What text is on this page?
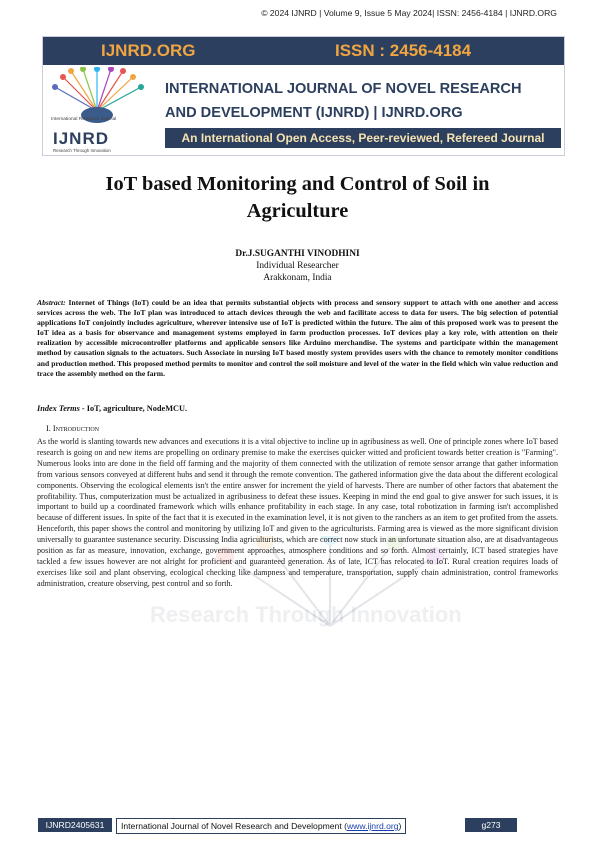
© 2024 IJNRD | Volume 9, Issue 5 May 2024| ISSN: 2456-4184 | IJNRD.ORG
IJNRD.ORG	ISSN : 2456-4184
International Research Journal
IJNRD
Research Through Innovation
INTERNATIONAL JOURNAL OF NOVEL RESEARCH
AND DEVELOPMENT (IJNRD) | IJNRD.ORG
An International Open Access, Peer-reviewed, Refereed Journal
IoT based Monitoring and Control of Soil in Agriculture
Dr.J.SUGANTHI VINODHINI
Individual Researcher
Arakkonam, India
Abstract: Internet of Things (IoT) could be an idea that permits substantial objects with process and sensory support to attach with one another and access services across the web. The IoT plan was introduced to attach devices through the web and facilitate access to data for users. The big selection of potential applications IoT conjointly includes agriculture, wherever intensive use of IoT is predicted within the future. The aim of this proposed work was to present the IoT idea as a basis for observance and management systems employed in farm production processes. IoT devices play a key role, with attention on their realization by accessible microcontroller platforms and applicable sensors like Arduino merchandise. The systems and participate within the management method by causation signals to the actuators. Such Associate in nursing IoT based mostly system provides users with the chance to remotely monitor conditions and production method. This proposed method permits to monitor and control the soil moisture and level of the water in the field which win value reduction and trace the assembly method on the farm.
Index Terms - IoT, agriculture, NodeMCU.
I. Introduction
Research Through Innovation
As the world is slanting towards new advances and executions it is a vital objective to incline up in agribusiness as well. One of principle zones where IoT based research is going on and new items are propelling on ordinary premise to make the exercises quicker witted and proficient towards better creation is "Farming". Numerous looks into are done in the field off farming and the majority of them connected with the utilization of remote sensor arrange that gather information from various sensors conveyed at different hubs and send it through the remote convention. The gathered information give the data about the different ecological components. Observing the ecological elements isn't the entire answer for increment the yield of harvests. There are number of other factors that abatement the profitability. Thus, computerization must be actualized in agribusiness to defeat these issues. Keeping in mind the end goal to give answer for such issues, it is important to build up a coordinated framework which wills enhance profitability in each stage. In any case, total robotization in farming isn't accomplished because of different issues. In spite of the fact that it is executed in the examination level, it is not given to the ranchers as an item to get profited from the assets. Henceforth, this paper shows the control and monitoring by utilizing IoT and given to the agriculturists. Farming area is viewed as the more significant division universally to guarantee sustenance security. Discussing India agriculturists, which are correct now stuck in an unfortunate situation also, are at disadvantageous position as far as measure, innovation, exchange, government approaches, atmosphere conditions and so forth. Almost certainly, ICT based strategies have tackled a few issues however are not alright for proficient and guaranteed generation. As of late, ICT has relocated to IoT. Rural creation requires loads of exercises like soil and plant observing, ecological checking like dampness and temperature, transportation, supply chain administration, control frameworks administration, creature observing, pest control and so forth.
IJNRD2405631	International Journal of Novel Research and Development (www.ijnrd.org)	g273
